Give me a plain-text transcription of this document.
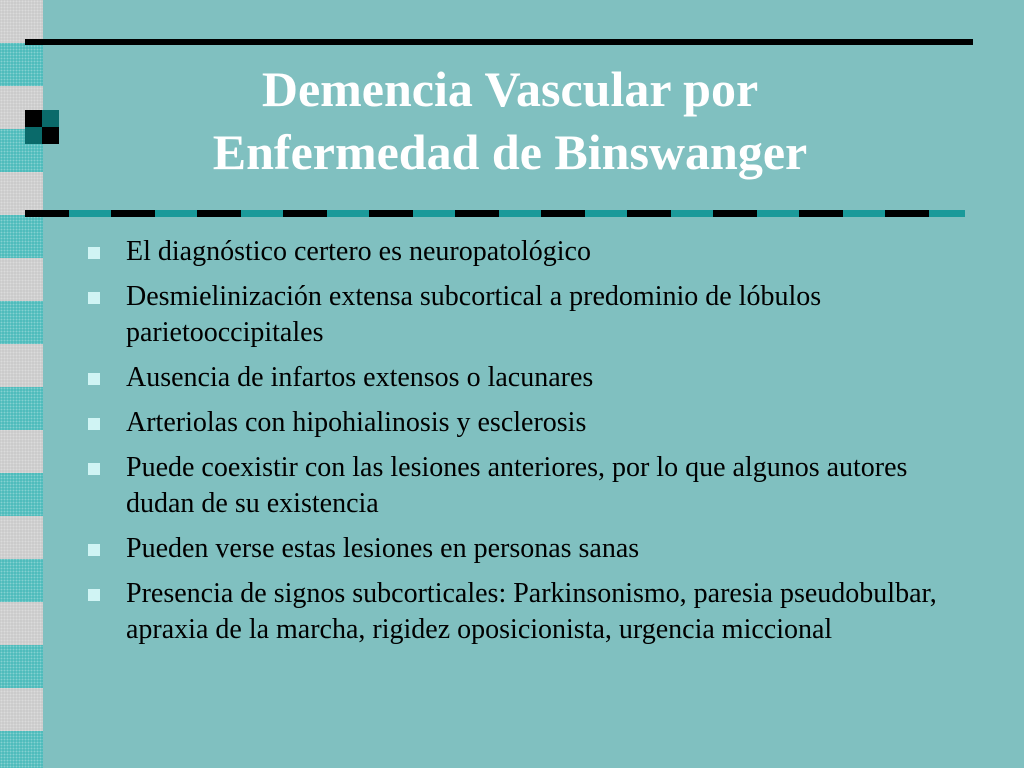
Demencia Vascular por
Enfermedad de Binswanger
El diagnóstico certero es neuropatológico
Desmielinización extensa subcortical a predominio de lóbulos parietooccipitales
Ausencia de infartos extensos o lacunares
Arteriolas con hipohialinosis y esclerosis
Puede coexistir con las lesiones anteriores, por lo que algunos autores dudan de su existencia
Pueden verse estas lesiones en personas sanas
Presencia de signos subcorticales: Parkinsonismo, paresia pseudobulbar, apraxia de la marcha, rigidez oposicionista, urgencia miccional
